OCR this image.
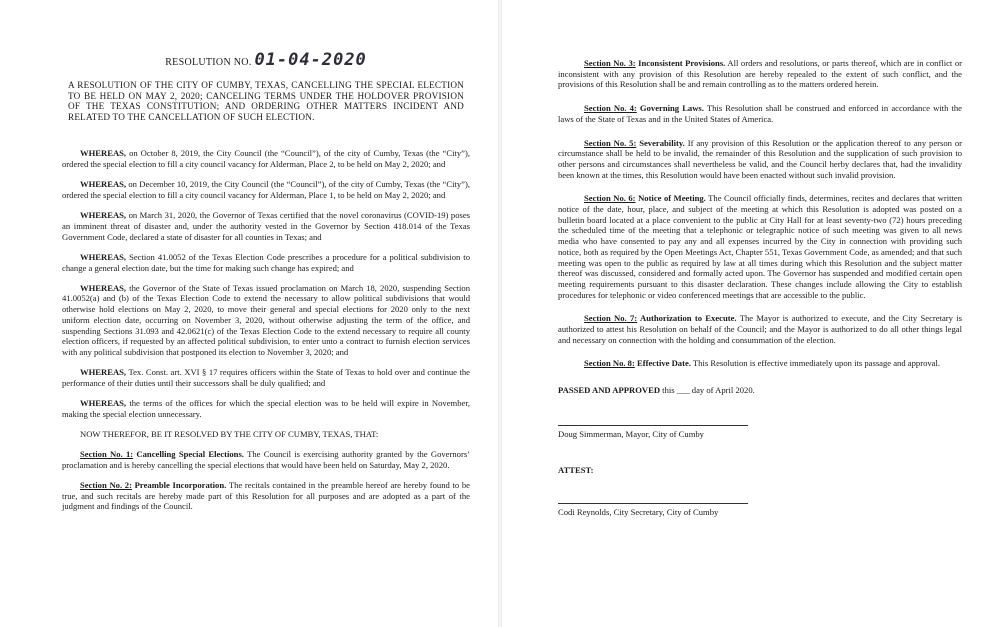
RESOLUTION NO. 01-04-2020
A RESOLUTION OF THE CITY OF CUMBY, TEXAS, CANCELLING THE SPECIAL ELECTION TO BE HELD ON MAY 2, 2020; CANCELING TERMS UNDER THE HOLDOVER PROVISION OF THE TEXAS CONSTITUTION; AND ORDERING OTHER MATTERS INCIDENT AND RELATED TO THE CANCELLATION OF SUCH ELECTION.

WHEREAS, on October 8, 2019, the City Council (the “Council”), of the city of Cumby, Texas (the “City”), ordered the special election to fill a city council vacancy for Alderman, Place 2, to be held on May 2, 2020; and

WHEREAS, on December 10, 2019, the City Council (the “Council”), of the city of Cumby, Texas (the “City”), ordered the special election to fill a city council vacancy for Alderman, Place 1, to be held on May 2, 2020; and

WHEREAS, on March 31, 2020, the Governor of Texas certified that the novel coronavirus (COVID-19) poses an imminent threat of disaster and, under the authority vested in the Governor by Section 418.014 of the Texas Government Code, declared a state of disaster for all counties in Texas; and

WHEREAS, Section 41.0052 of the Texas Election Code prescribes a procedure for a political subdivision to change a general election date, but the time for making such change has expired; and

WHEREAS, the Governor of the State of Texas issued proclamation on March 18, 2020, suspending Section 41.0052(a) and (b) of the Texas Election Code to extend the necessary to allow political subdivisions that would otherwise hold elections on May 2, 2020, to move their general and special elections for 2020 only to the next uniform election date, occurring on November 3, 2020, without otherwise adjusting the term of the office, and suspending Sections 31.093 and 42.0621(c) of the Texas Election Code to the extend necessary to require all county election officers, if requested by an affected political subdivision, to enter unto a contract to furnish election services with any political subdivision that postponed its election to November 3, 2020; and

WHEREAS, Tex. Const. art. XVI § 17 requires officers within the State of Texas to hold over and continue the performance of their duties until their successors shall be duly qualified; and

WHEREAS, the terms of the offices for which the special election was to be held will expire in November, making the special election unnecessary.

NOW THEREFOR, BE IT RESOLVED BY THE CITY OF CUMBY, TEXAS, THAT:

Section No. 1: Cancelling Special Elections. The Council is exercising authority granted by the Governors’ proclamation and is hereby cancelling the special elections that would have been held on Saturday, May 2, 2020.

Section No. 2: Preamble Incorporation. The recitals contained in the preamble hereof are hereby found to be true, and such recitals are hereby made part of this Resolution for all purposes and are adopted as a part of the judgment and findings of the Council.

Section No. 3: Inconsistent Provisions. All orders and resolutions, or parts thereof, which are in conflict or inconsistent with any provision of this Resolution are hereby repealed to the extent of such conflict, and the provisions of this Resolution shall be and remain controlling as to the matters ordered herein.

Section No. 4: Governing Laws. This Resolution shall be construed and enforced in accordance with the laws of the State of Texas and in the United States of America.

Section No. 5: Severability. If any provision of this Resolution or the application thereof to any person or circumstance shall be held to be invalid, the remainder of this Resolution and the supplication of such provision to other persons and circumstances shall nevertheless be valid, and the Council herby declares that, had the invalidity been known at the times, this Resolution would have been enacted without such invalid provision.

Section No. 6: Notice of Meeting. The Council officially finds, determines, recites and declares that written notice of the date, hour, place, and subject of the meeting at which this Resolution is adopted was posted on a bulletin board located at a place convenient to the public at City Hall for at least seventy-two (72) hours preceding the scheduled time of the meeting that a telephonic or telegraphic notice of such meeting was given to all news media who have consented to pay any and all expenses incurred by the City in connection with providing such notice, both as required by the Open Meetings Act, Chapter 551, Texas Government Code, as amended; and that such meeting was open to the public as required by law at all times during which this Resolution and the subject matter thereof was discussed, considered and formally acted upon. The Governor has suspended and modified certain open meeting requirements pursuant to this disaster declaration. These changes include allowing the City to establish procedures for telephonic or video conferenced meetings that are accessible to the public.

Section No. 7: Authorization to Execute. The Mayor is authorized to execute, and the City Secretary is authorized to attest his Resolution on behalf of the Council; and the Mayor is authorized to do all other things legal and necessary on connection with the holding and consummation of the election.

Section No. 8: Effective Date. This Resolution is effective immediately upon its passage and approval.

PASSED AND APPROVED this ___ day of April 2020.
Doug Simmerman, Mayor, City of Cumby
ATTEST:
Codi Reynolds, City Secretary, City of Cumby
